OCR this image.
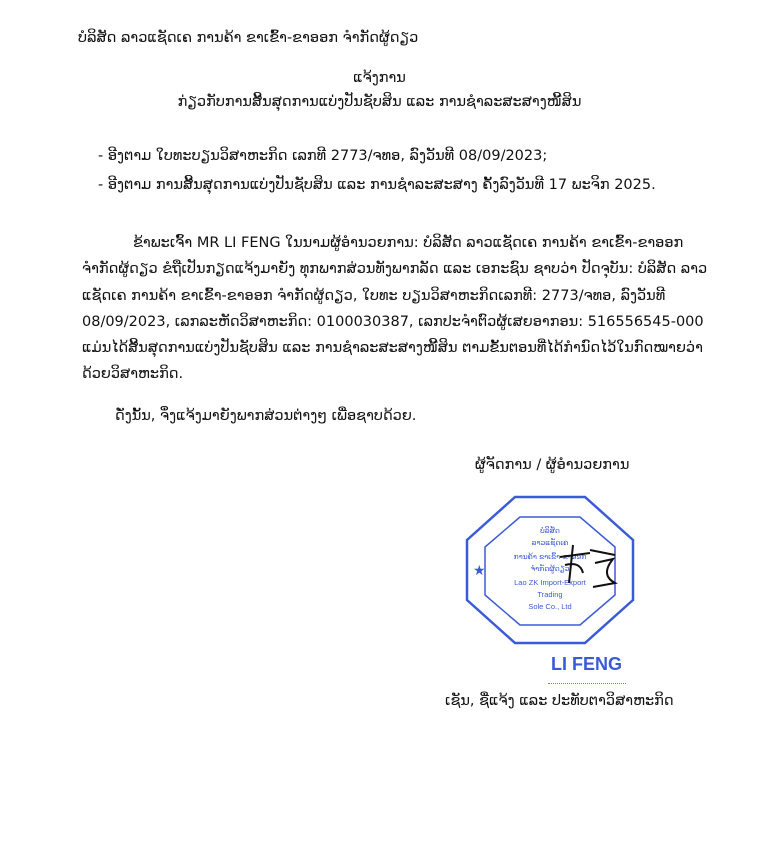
ບໍລິສັດ ລາວແຊັດເຄ ການຄ້າ ຂາເຂົ້າ-ຂາອອກ ຈຳກັດຜູ້ດຽວ
ແຈ້ງການ
ກ່ຽວກັບການສິ້ນສຸດການແບ່ງປັນຊັບສິນ ແລະ ການຊຳລະສະສາງໜີ້ສິນ
- ອີງຕາມ ໃບທະບຽນວິສາຫະກິດ ເລກທີ 2773/ຈທອ, ລົງວັນທີ 08/09/2023;
- ອີງຕາມ ການສິ້ນສຸດການແບ່ງປັນຊັບສິນ ແລະ ການຊຳລະສະສາງ ຄັ້ງລົງວັນທີ 17 ພະຈິກ 2025.
ຂ້າພະເຈົ້າ MR LI FENG ໃນນາມຜູ້ອຳນວຍການ: ບໍລິສັດ ລາວແຊັດເຄ ການຄ້າ ຂາເຂົ້າ-ຂາອອກ
ຈຳກັດຜູ້ດຽວ ຂໍຖືເປັນກຽດແຈ້ງມາຍັງ ທຸກພາກສ່ວນທັງພາກລັດ ແລະ ເອກະຊົນ ຊາບວ່າ ປັດຈຸບັນ: ບໍລິສັດ ລາວ
ແຊັດເຄ ການຄ້າ ຂາເຂົ້າ-ຂາອອກ ຈຳກັດຜູ້ດຽວ, ໃບທະ ບຽນວິສາຫະກິດເລກທີ: 2773/ຈທອ, ລົງວັນທີ
08/09/2023, ເລກລະຫັດວິສາຫະກິດ: 0100030387, ເລກປະຈຳຕົວຜູ້ເສຍອາກອນ: 516556545-000
ແມ່ນໄດ້ສິ້ນສຸດການແບ່ງປັນຊັບສິນ ແລະ ການຊຳລະສະສາງໜີ້ສິນ ຕາມຂັ້ນຕອນທີ່ໄດ້ກຳນົດໄວ້ໃນກົດໝາຍວ່າ
ດ້ວຍວິສາຫະກິດ.
ດັ່ງນັ້ນ, ຈຶ່ງແຈ້ງມາຍັງພາກສ່ວນຕ່າງໆ ເພື່ອຊາບດ້ວຍ.
ຜູ້ຈັດການ / ຜູ້ອຳນວຍການ
★
ບໍລິສັດ
ລາວແຊັດເຄ
ການຄ້າ ຂາເຂົ້າ-ຂາອອກ
ຈຳກັດຜູ້ດຽວ
Lao ZK Import-Export
Trading
Sole Co., Ltd
LI FENG
ເຊັນ, ຊື່ແຈ້ງ ແລະ ປະທັບຕາວິສາຫະກິດ
